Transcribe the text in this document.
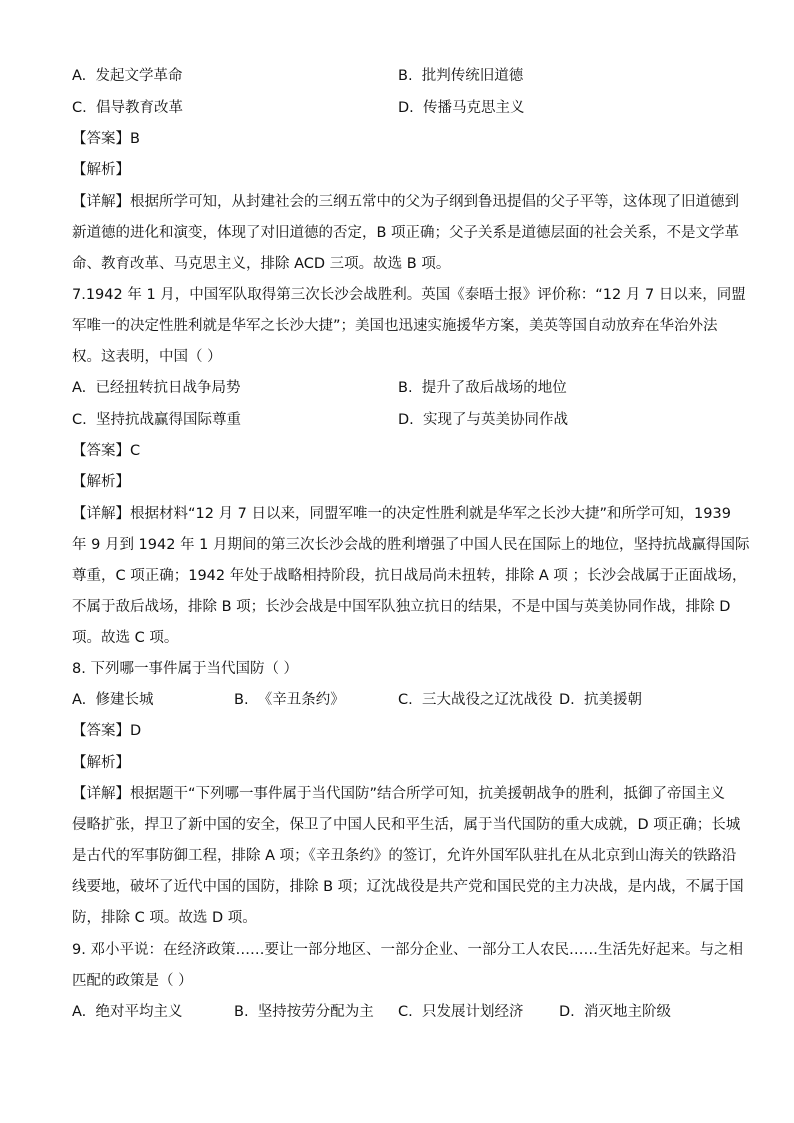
A. 发起文学革命	B. 批判传统旧道德
C. 倡导教育改革	D. 传播马克思主义
【答案】B
【解析】
【详解】根据所学可知，从封建社会的三纲五常中的父为子纲到鲁迅提倡的父子平等，这体现了旧道德到
新道德的进化和演变，体现了对旧道德的否定，B 项正确；父子关系是道德层面的社会关系，不是文学革
命、教育改革、马克思主义，排除 ACD 三项。故选 B 项。
7.1942 年 1 月，中国军队取得第三次长沙会战胜利。英国《泰晤士报》评价称：“12 月 7 日以来，同盟
军唯一的决定性胜利就是华军之长沙大捷”；美国也迅速实施援华方案，美英等国自动放弃在华治外法
权。这表明，中国（ ）
A. 已经扭转抗日战争局势	B. 提升了敌后战场的地位
C. 坚持抗战赢得国际尊重	D. 实现了与英美协同作战
【答案】C
【解析】
【详解】根据材料“12 月 7 日以来，同盟军唯一的决定性胜利就是华军之长沙大捷”和所学可知，1939
年 9 月到 1942 年 1 月期间的第三次长沙会战的胜利增强了中国人民在国际上的地位，坚持抗战赢得国际
尊重，C 项正确；1942 年处于战略相持阶段，抗日战局尚未扭转，排除 A 项 ；长沙会战属于正面战场，
不属于敌后战场，排除 B 项；长沙会战是中国军队独立抗日的结果，不是中国与英美协同作战，排除 D
项。故选 C 项。
8. 下列哪一事件属于当代国防（ ）
A. 修建长城	B. 《辛丑条约》	C. 三大战役之辽沈战役 D. 抗美援朝
【答案】D
【解析】
【详解】根据题干“下列哪一事件属于当代国防”结合所学可知，抗美援朝战争的胜利，抵御了帝国主义
侵略扩张，捍卫了新中国的安全，保卫了中国人民和平生活，属于当代国防的重大成就，D 项正确；长城
是古代的军事防御工程，排除 A 项；《辛丑条约》的签订，允许外国军队驻扎在从北京到山海关的铁路沿
线要地，破坏了近代中国的国防，排除 B 项；辽沈战役是共产党和国民党的主力决战，是内战，不属于国
防，排除 C 项。故选 D 项。
9. 邓小平说：在经济政策……要让一部分地区、一部分企业、一部分工人农民……生活先好起来。与之相
匹配的政策是（ ）
A. 绝对平均主义	B. 坚持按劳分配为主 C. 只发展计划经济 D. 消灭地主阶级
